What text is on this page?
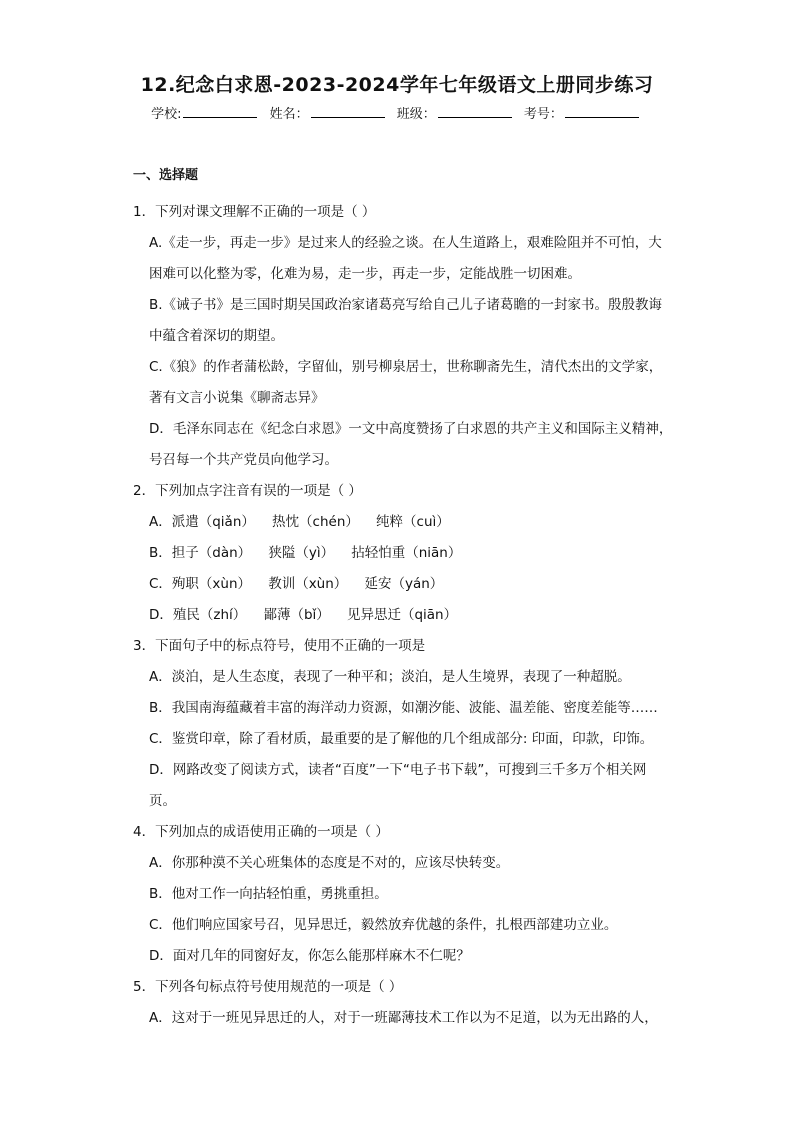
12.纪念白求恩-2023-2024学年七年级语文上册同步练习
学校:	姓名：	班级：	考号：
一、选择题

1．下列对课文理解不正确的一项是（ ）

A.《走一步，再走一步》是过来人的经验之谈。在人生道路上，艰难险阻并不可怕，大困难可以化整为零，化难为易，走一步，再走一步，定能战胜一切困难。

B.《诫子书》是三国时期吴国政治家诸葛亮写给自己儿子诸葛瞻的一封家书。殷殷教诲中蕴含着深切的期望。

C.《狼》的作者蒲松龄，字留仙，别号柳泉居士，世称聊斋先生，清代杰出的文学家，著有文言小说集《聊斋志异》

D．毛泽东同志在《纪念白求恩》一文中高度赞扬了白求恩的共产主义和国际主义精神，号召每一个共产党员向他学习。

2．下列加点字注音有误的一项是（ ）

A．派遣（qiǎn）    热忱（chén）    纯粹（cuì）

B．担子（dàn）    狭隘（yì）    拈轻怕重（niān）

C．殉职（xùn）    教训（xùn）    延安（yán）

D．殖民（zhí）    鄙薄（bǐ）    见异思迁（qiān）

3．下面句子中的标点符号，使用不正确的一项是

A．淡泊，是人生态度，表现了一种平和；淡泊，是人生境界，表现了一种超脱。

B．我国南海蕴藏着丰富的海洋动力资源，如潮汐能、波能、温差能、密度差能等……

C．鉴赏印章，除了看材质，最重要的是了解他的几个组成部分: 印面，印款，印饰。

D．网路改变了阅读方式，读者“百度”一下“电子书下载”，可搜到三千多万个相关网页。

4．下列加点的成语使用正确的一项是（ ）

A．你那种漠不关心班集体的态度是不对的，应该尽快转变。

B．他对工作一向拈轻怕重，勇挑重担。

C．他们响应国家号召，见异思迁，毅然放弃优越的条件，扎根西部建功立业。

D．面对几年的同窗好友，你怎么能那样麻木不仁呢？

5．下列各句标点符号使用规范的一项是（ ）

A．这对于一班见异思迁的人，对于一班鄙薄技术工作以为不足道，以为无出路的人，
